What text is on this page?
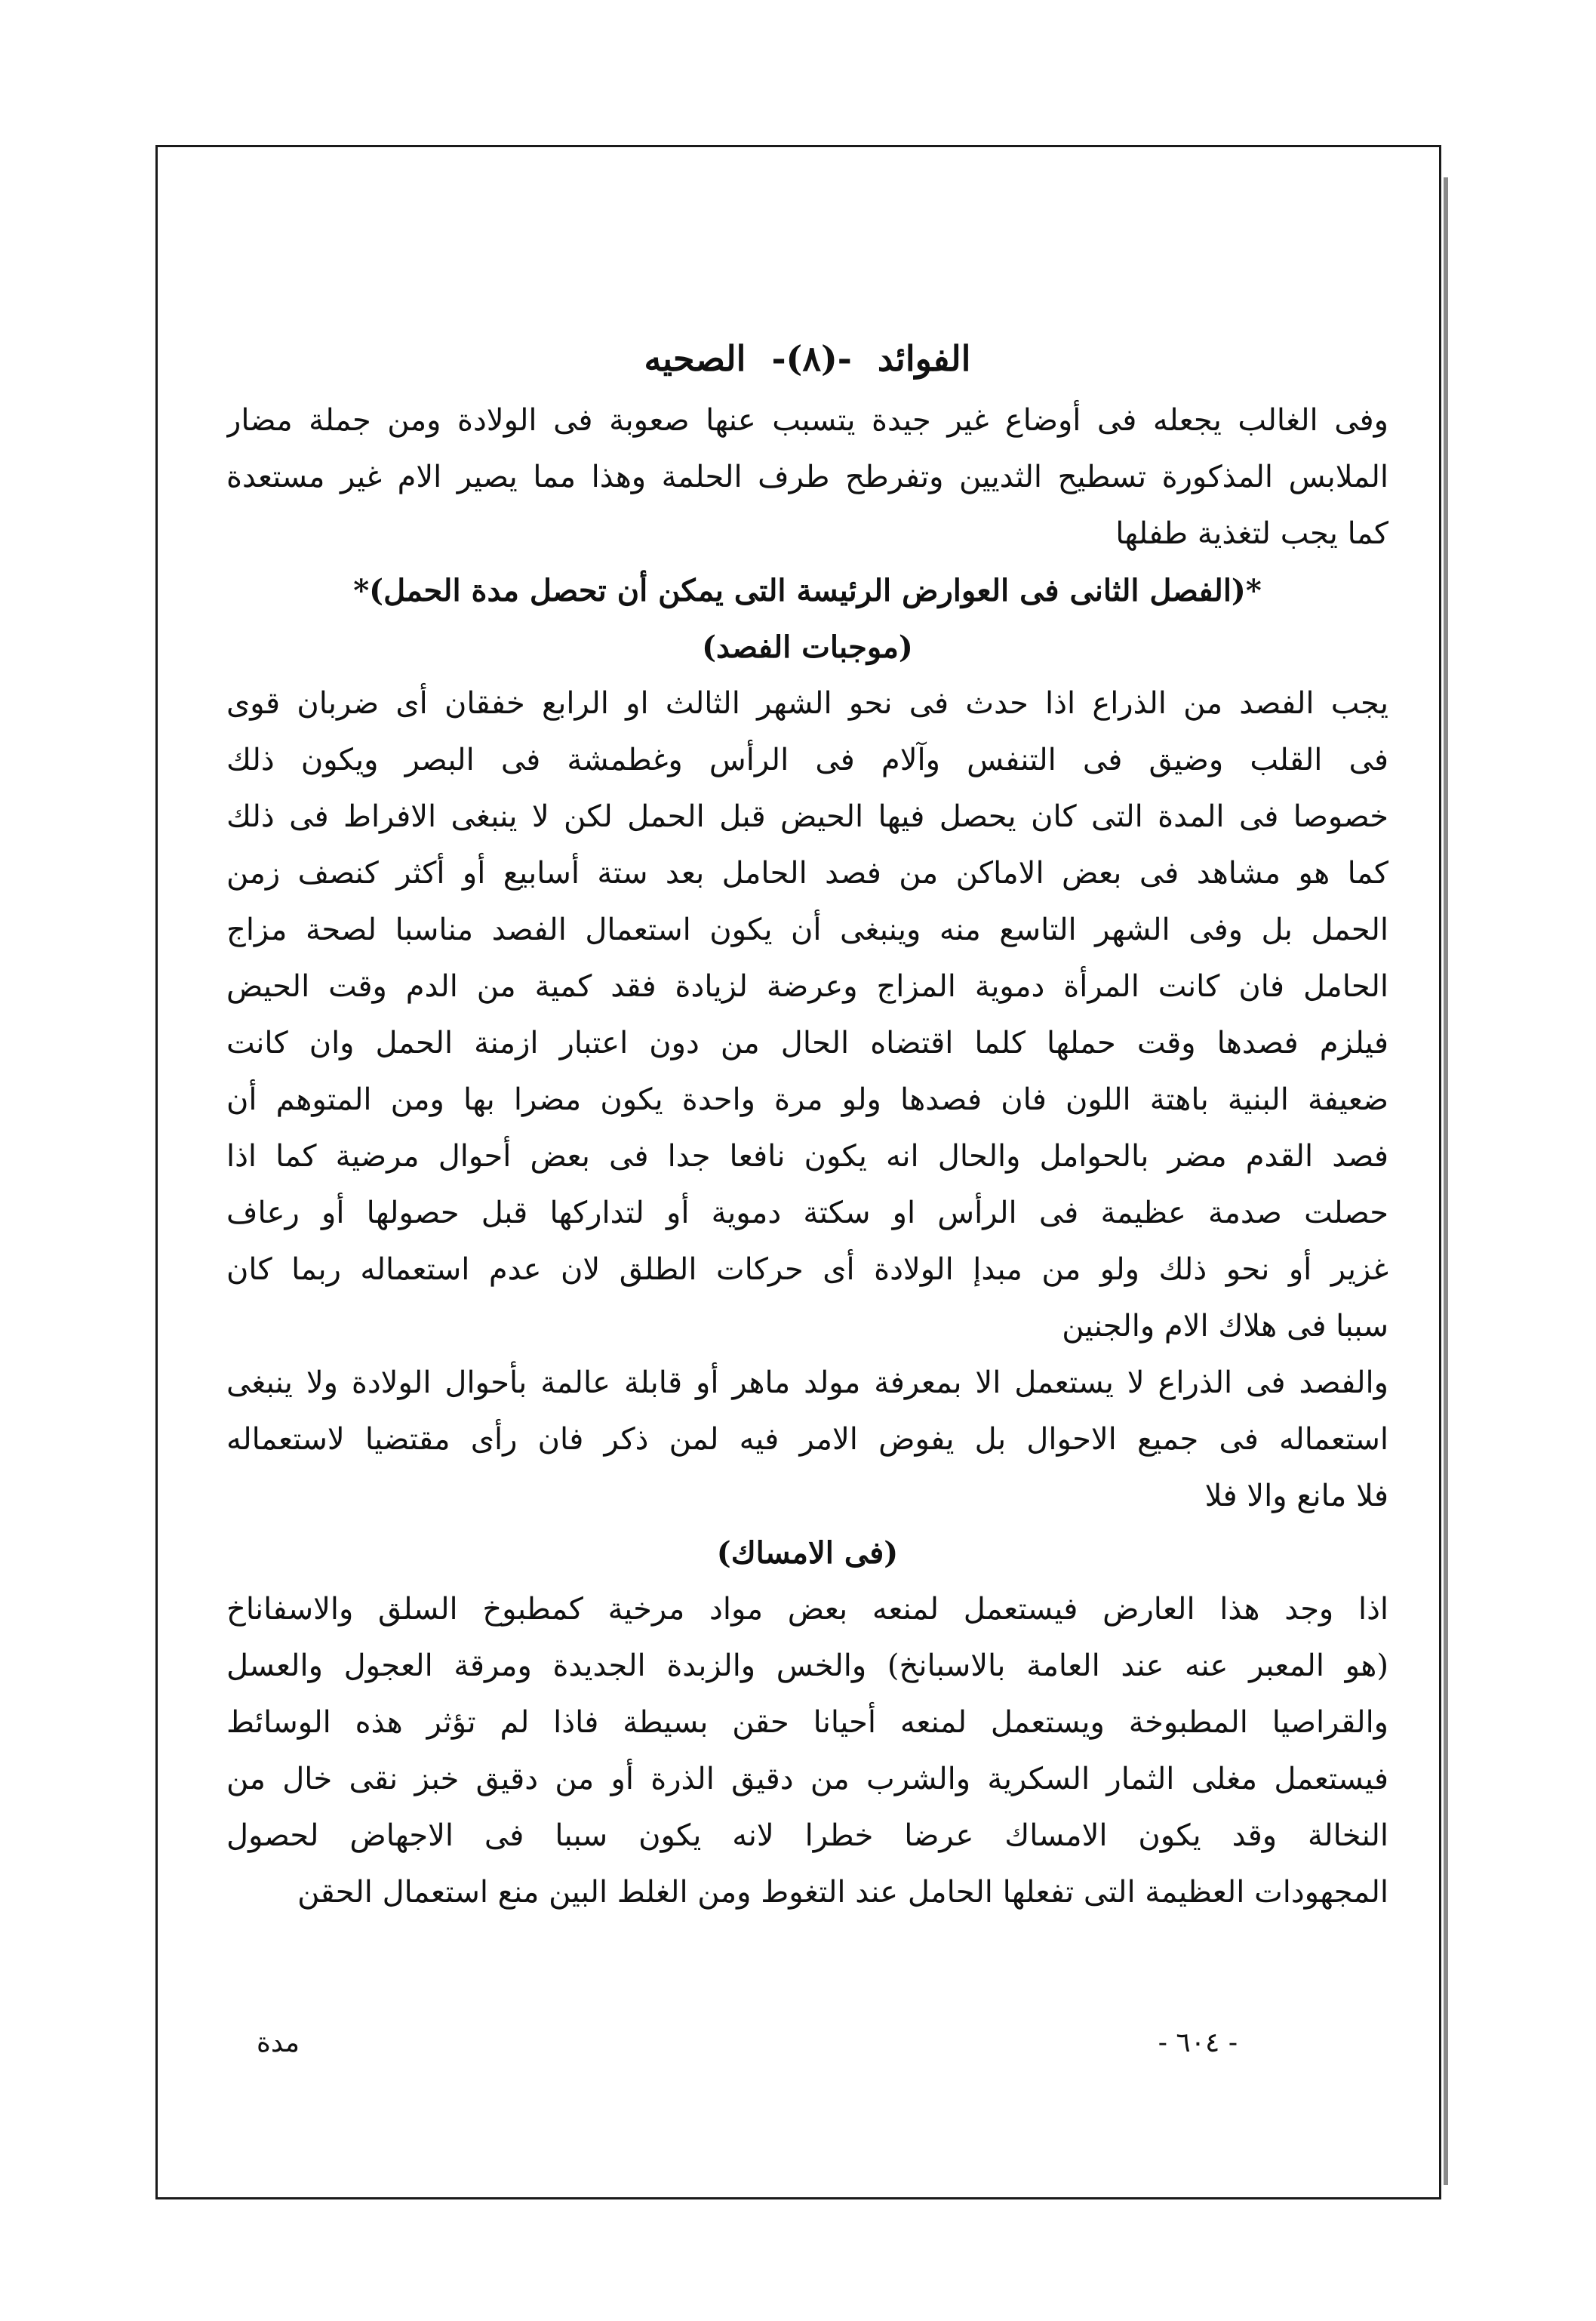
الفوائد -(٨)- الصحيه
وفى الغالب يجعله فى أوضاع غير جيدة يتسبب عنها صعوبة فى الولادة ومن جملة مضار
الملابس المذكورة تسطيح الثديين وتفرطح طرف الحلمة وهذا مما يصير الام غير مستعدة
كما يجب لتغذية طفلها
*(الفصل الثانى فى العوارض الرئيسة التى يمكن أن تحصل مدة الحمل)*
(موجبات الفصد)
يجب الفصد من الذراع اذا حدث فى نحو الشهر الثالث او الرابع خفقان أى ضربان قوى
فى القلب وضيق فى التنفس وآلام فى الرأس وغطمشة فى البصر ويكون ذلك
خصوصا فى المدة التى كان يحصل فيها الحيض قبل الحمل لكن لا ينبغى الافراط فى ذلك
كما هو مشاهد فى بعض الاماكن من فصد الحامل بعد ستة أسابيع أو أكثر كنصف زمن
الحمل بل وفى الشهر التاسع منه وينبغى أن يكون استعمال الفصد مناسبا لصحة مزاج
الحامل فان كانت المرأة دموية المزاج وعرضة لزيادة فقد كمية من الدم وقت الحيض
فيلزم فصدها وقت حملها كلما اقتضاه الحال من دون اعتبار ازمنة الحمل وان كانت
ضعيفة البنية باهتة اللون فان فصدها ولو مرة واحدة يكون مضرا بها ومن المتوهم أن
فصد القدم مضر بالحوامل والحال انه يكون نافعا جدا فى بعض أحوال مرضية كما اذا
حصلت صدمة عظيمة فى الرأس او سكتة دموية أو لتداركها قبل حصولها أو رعاف
غزير أو نحو ذلك ولو من مبدإ الولادة أى حركات الطلق لان عدم استعماله ربما كان
سببا فى هلاك الام والجنين
والفصد فى الذراع لا يستعمل الا بمعرفة مولد ماهر أو قابلة عالمة بأحوال الولادة ولا ينبغى
استعماله فى جميع الاحوال بل يفوض الامر فيه لمن ذكر فان رأى مقتضيا لاستعماله
فلا مانع والا فلا
(فى الامساك)
اذا وجد هذا العارض فيستعمل لمنعه بعض مواد مرخية كمطبوخ السلق والاسفاناخ
(هو المعبر عنه عند العامة بالاسبانخ) والخس والزبدة الجديدة ومرقة العجول والعسل
والقراصيا المطبوخة ويستعمل لمنعه أحيانا حقن بسيطة فاذا لم تؤثر هذه الوسائط
فيستعمل مغلى الثمار السكرية والشرب من دقيق الذرة أو من دقيق خبز نقى خال من
النخالة وقد يكون الامساك عرضا خطرا لانه يكون سببا فى الاجهاض لحصول
المجهودات العظيمة التى تفعلها الحامل عند التغوط ومن الغلط البين منع استعمال الحقن
- ٦٠٤ -
مدة
